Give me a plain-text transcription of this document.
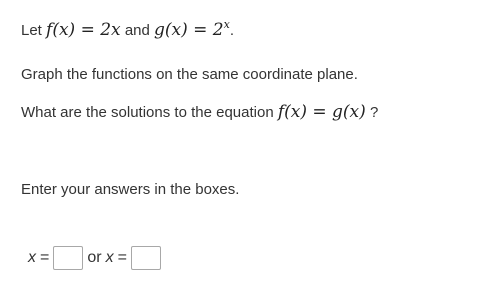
Let f(x) = 2x and $g(x) = 2^x$.
Graph the functions on the same coordinate plane.
What are the solutions to the equation f(x) = g(x) ?
Enter your answers in the boxes.
x = or x =
